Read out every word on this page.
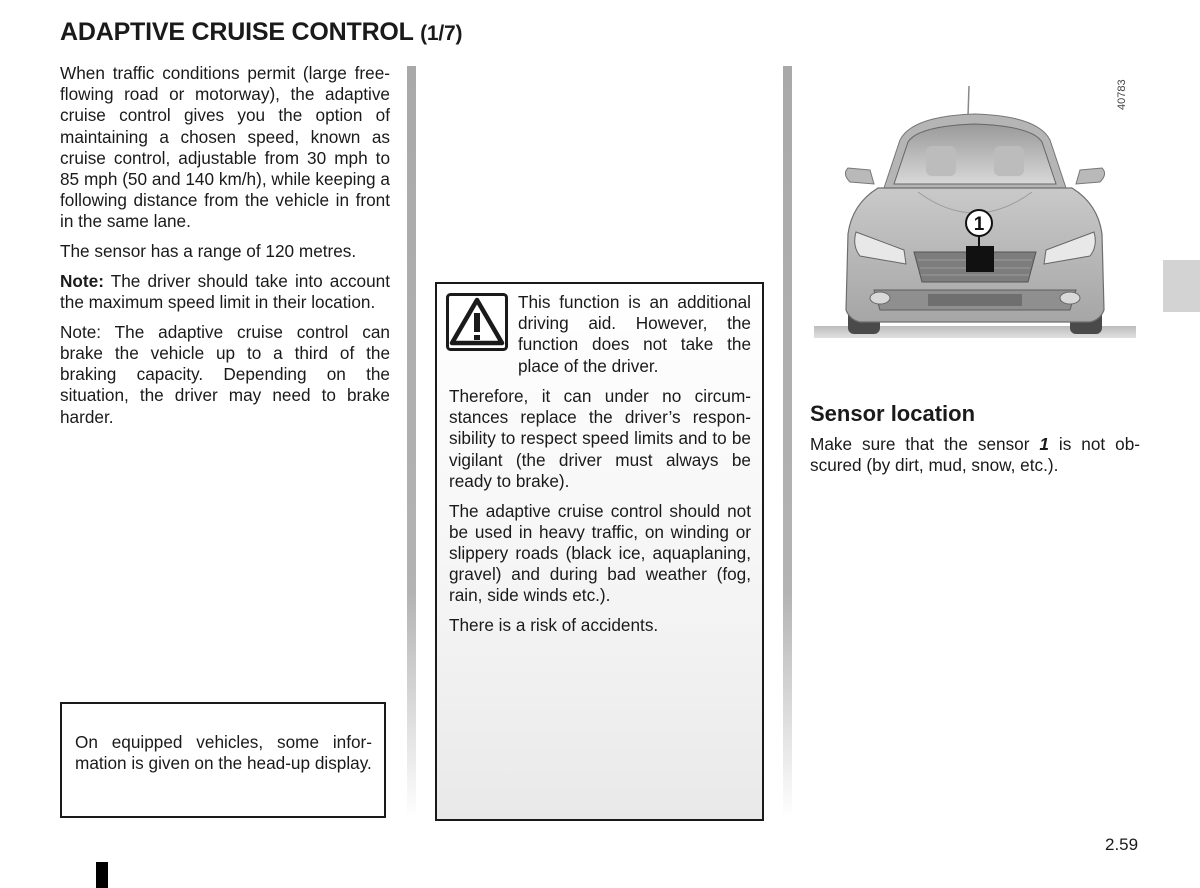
ADAPTIVE CRUISE CONTROL (1/7)

When traffic conditions permit (large free-flowing road or motorway), the adaptive cruise control gives you the option of maintaining a chosen speed, known as cruise control, adjustable from 30 mph to 85 mph (50 and 140 km/h), while keeping a following distance from the vehicle in front in the same lane.

The sensor has a range of 120 metres.

Note: The driver should take into account the maximum speed limit in their location.

Note: The adaptive cruise control can brake the vehicle up to a third of the braking capacity. Depending on the situation, the driver may need to brake harder.

On equipped vehicles, some information is given on the head-up display.
This function is an additional driving aid. However, the function does not take the place of the driver.

Therefore, it can under no circumstances replace the driver’s responsibility to respect speed limits and to be vigilant (the driver must always be ready to brake).

The adaptive cruise control should not be used in heavy traffic, on winding or slippery roads (black ice, aquaplaning, gravel) and during bad weather (fog, rain, side winds etc.).

There is a risk of accidents.

1
40783
Sensor location

Make sure that the sensor 1 is not obscured (by dirt, mud, snow, etc.).

2.59
